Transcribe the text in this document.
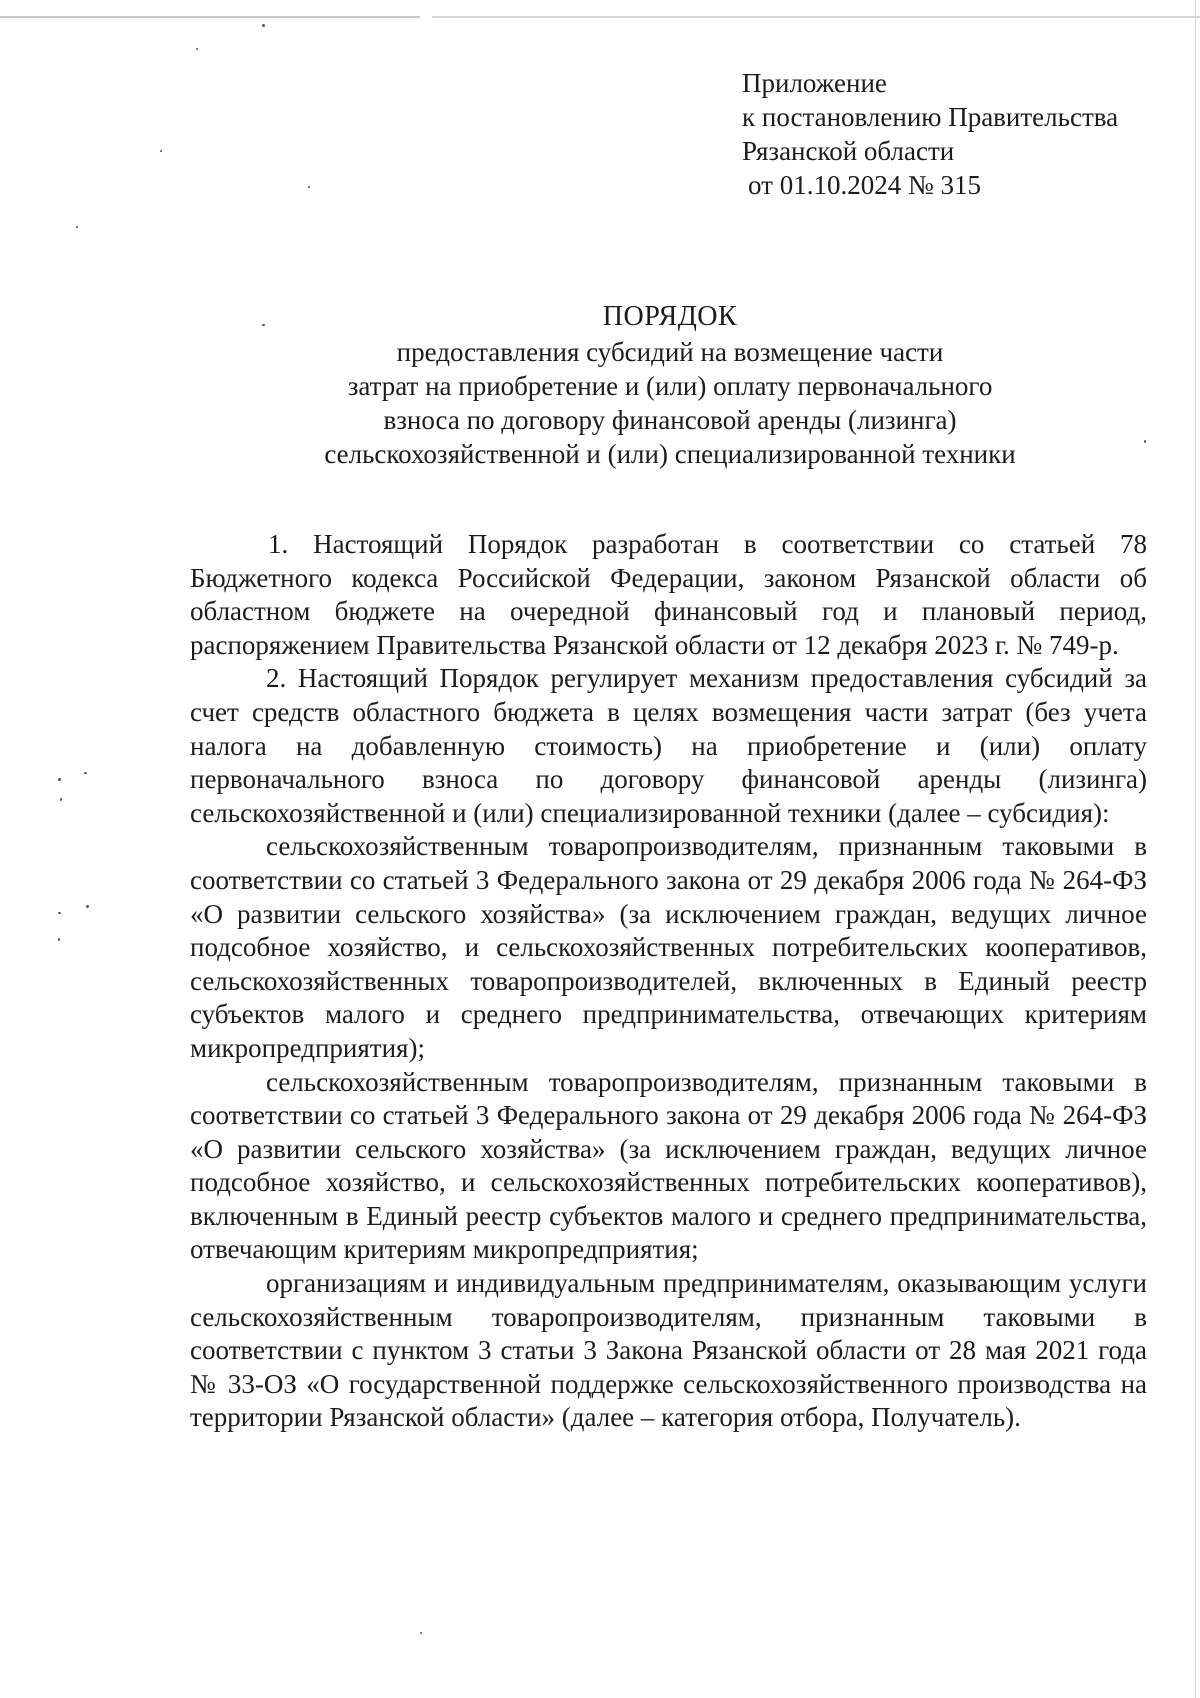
Приложение
к постановлению Правительства
Рязанской области
от 01.10.2024 № 315
ПОРЯДОК
предоставления субсидий на возмещение части
затрат на приобретение и (или) оплату первоначального
взноса по договору финансовой аренды (лизинга)
сельскохозяйственной и (или) специализированной техники

1. Настоящий Порядок разработан в соответствии со статьей 78 Бюджетного кодекса Российской Федерации, законом Рязанской области об областном бюджете на очередной финансовый год и плановый период, распоряжением Правительства Рязанской области от 12 декабря 2023 г. № 749-р.

2. Настоящий Порядок регулирует механизм предоставления субсидий за счет средств областного бюджета в целях возмещения части затрат (без учета налога на добавленную стоимость) на приобретение и (или) оплату первоначального взноса по договору финансовой аренды (лизинга) сельскохозяйственной и (или) специализированной техники (далее – субсидия):

сельскохозяйственным товаропроизводителям, признанным таковыми в соответствии со статьей 3 Федерального закона от 29 декабря 2006 года № 264-ФЗ «О развитии сельского хозяйства» (за исключением граждан, ведущих личное подсобное хозяйство, и сельскохозяйственных потребительских кооперативов, сельскохозяйственных товаропроизводителей, включенных в Единый реестр субъектов малого и среднего предпринимательства, отвечающих критериям микропредприятия);

сельскохозяйственным товаропроизводителям, признанным таковыми в соответствии со статьей 3 Федерального закона от 29 декабря 2006 года № 264-ФЗ «О развитии сельского хозяйства» (за исключением граждан, ведущих личное подсобное хозяйство, и сельскохозяйственных потребительских кооперативов), включенным в Единый реестр субъектов малого и среднего предпринимательства, отвечающим критериям микропредприятия;

организациям и индивидуальным предпринимателям, оказывающим услуги сельскохозяйственным товаропроизводителям, признанным таковыми в соответствии с пунктом 3 статьи 3 Закона Рязанской области от 28 мая 2021 года № 33-ОЗ «О государственной поддержке сельскохозяйственного производства на территории Рязанской области» (далее – категория отбора, Получатель).
